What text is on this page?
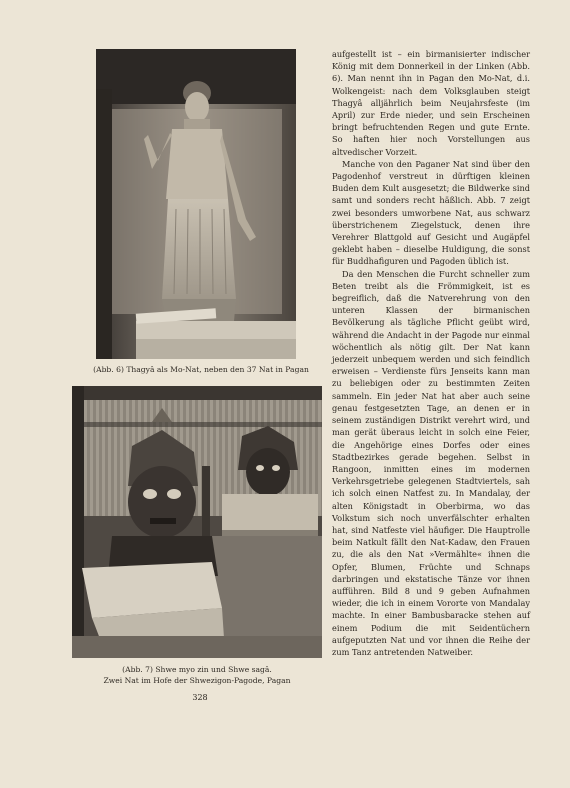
(Abb. 6) Thagyâ als Mo-Nat, neben den 37 Nat in Pagan
(Abb. 7) Shwe myo zin und Shwe sagâ.
Zwei Nat im Hofe der Shwezigon-Pagode, Pagan
328

aufgestellt ist – ein birmanisierter indischer König mit dem Donnerkeil in der Linken (Abb. 6). Man nennt ihn in Pagan den Mo-Nat, d.i. Wolkengeist: nach dem Volksglauben steigt Thagyâ alljährlich beim Neujahrsfeste (im April) zur Erde nieder, und sein Erscheinen bringt befruchtenden Regen und gute Ernte. So haften hier noch Vorstellungen aus altvedischer Vorzeit.

Manche von den Paganer Nat sind über den Pagodenhof verstreut in dürftigen kleinen Buden dem Kult ausgesetzt; die Bildwerke sind samt und sonders recht häßlich. Abb. 7 zeigt zwei besonders umworbene Nat, aus schwarz überstrichenem Ziegelstuck, denen ihre Verehrer Blattgold auf Gesicht und Augäpfel geklebt haben – dieselbe Huldigung, die sonst für Buddhafiguren und Pagoden üblich ist.

Da den Menschen die Furcht schneller zum Beten treibt als die Frömmigkeit, ist es begreiflich, daß die Natverehrung von den unteren Klassen der birmanischen Bevölkerung als tägliche Pflicht geübt wird, während die Andacht in der Pagode nur einmal wöchentlich als nötig gilt. Der Nat kann jederzeit unbequem werden und sich feindlich erweisen – Verdienste fürs Jenseits kann man zu beliebigen oder zu bestimmten Zeiten sammeln. Ein jeder Nat hat aber auch seine genau festgesetzten Tage, an denen er in seinem zuständigen Distrikt verehrt wird, und man gerät überaus leicht in solch eine Feier, die Angehörige eines Dorfes oder eines Stadtbezirkes gerade begehen. Selbst in Rangoon, inmitten eines im modernen Verkehrsgetriebe gelegenen Stadtviertels, sah ich solch einen Natfest zu. In Mandalay, der alten Königstadt in Oberbirma, wo das Volkstum sich noch unverfälschter erhalten hat, sind Natfeste viel häufiger. Die Hauptrolle beim Natkult fällt den Nat-Kadaw, den Frauen zu, die als den Nat »Vermählte« ihnen die Opfer, Blumen, Früchte und Schnaps darbringen und ekstatische Tänze vor ihnen aufführen. Bild 8 und 9 geben Aufnahmen wieder, die ich in einem Vororte von Mandalay machte. In einer Bambusbaracke stehen auf einem Podium die mit Seidentüchern aufgeputzten Nat und vor ihnen die Reihe der zum Tanz antretenden Natweiber.
